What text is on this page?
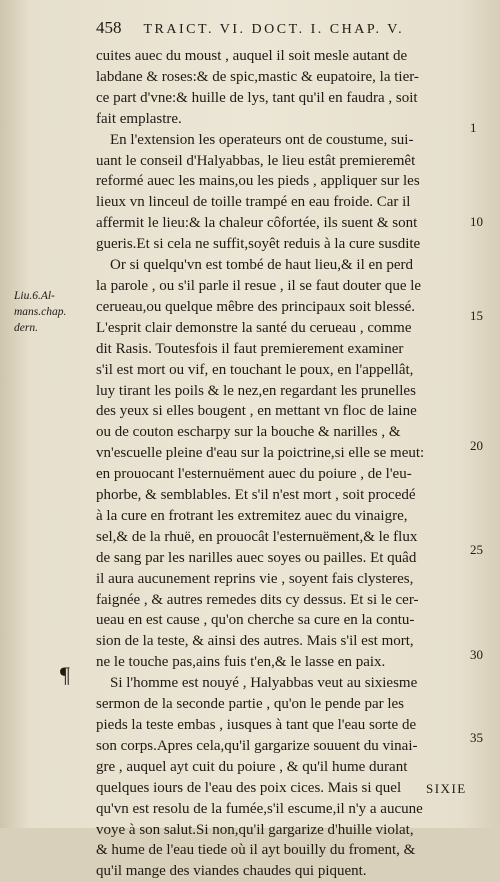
458 TRAICT. VI. DOCT. I. CHAP. V.
cuites auec du moust , auquel il soit mesle autant de
labdane & roses:& de spic,mastic & eupatoire, la tier-
ce part d'vne:& huille de lys, tant qu'il en faudra , soit
fait emplastre.
En l'extension les operateurs ont de coustume, sui-
uant le conseil d'Halyabbas, le lieu estât premieremêt
reformé auec les mains,ou les pieds , appliquer sur les
lieux vn linceul de toille trampé en eau froide. Car il
affermit le lieu:& la chaleur côfortée, ils suent & sont
gueris.Et si cela ne suffit,soyêt reduis à la cure susdite
Or si quelqu'vn est tombé de haut lieu,& il en perd
la parole , ou s'il parle il resue , il se faut douter que le
cerueau,ou quelque mêbre des principaux soit blessé.
L'esprit clair demonstre la santé du cerueau , comme
dit Rasis. Toutesfois il faut premierement examiner
s'il est mort ou vif, en touchant le poux, en l'appellât,
luy tirant les poils & le nez,en regardant les prunelles
des yeux si elles bougent , en mettant vn floc de laine
ou de couton escharpy sur la bouche & narilles , &
vn'escuelle pleine d'eau sur la poictrine,si elle se meut:
en prouocant l'esternuëment auec du poiure , de l'eu-
phorbe, & semblables. Et s'il n'est mort , soit procedé
à la cure en frotrant les extremitez auec du vinaigre,
sel,& de la rhuë, en prouocât l'esternuëment,& le flux
de sang par les narilles auec soyes ou pailles. Et quâd
il aura aucunement reprins vie , soyent fais clysteres,
faignée , & autres remedes dits cy dessus. Et si le cer-
ueau en est cause , qu'on cherche sa cure en la contu-
sion de la teste, & ainsi des autres. Mais s'il est mort,
ne le touche pas,ains fuis t'en,& le lasse en paix.
Si l'homme est nouyé , Halyabbas veut au sixiesme
sermon de la seconde partie , qu'on le pende par les
pieds la teste embas , iusques à tant que l'eau sorte de
son corps.Apres cela,qu'il gargarize souuent du vinai-
gre , auquel ayt cuit du poiure , & qu'il hume durant
quelques iours de l'eau des poix cices. Mais si quel
qu'vn est resolu de la fumée,s'il escume,il n'y a aucune
voye à son salut.Si non,qu'il gargarize d'huille violat,
& hume de l'eau tiede où il ayt bouilly du froment, &
qu'il mange des viandes chaudes qui piquent.
Liu.6.Al-
mans.chap.
dern.
1
10
15
20
25
30
35
¶
SIXIE
